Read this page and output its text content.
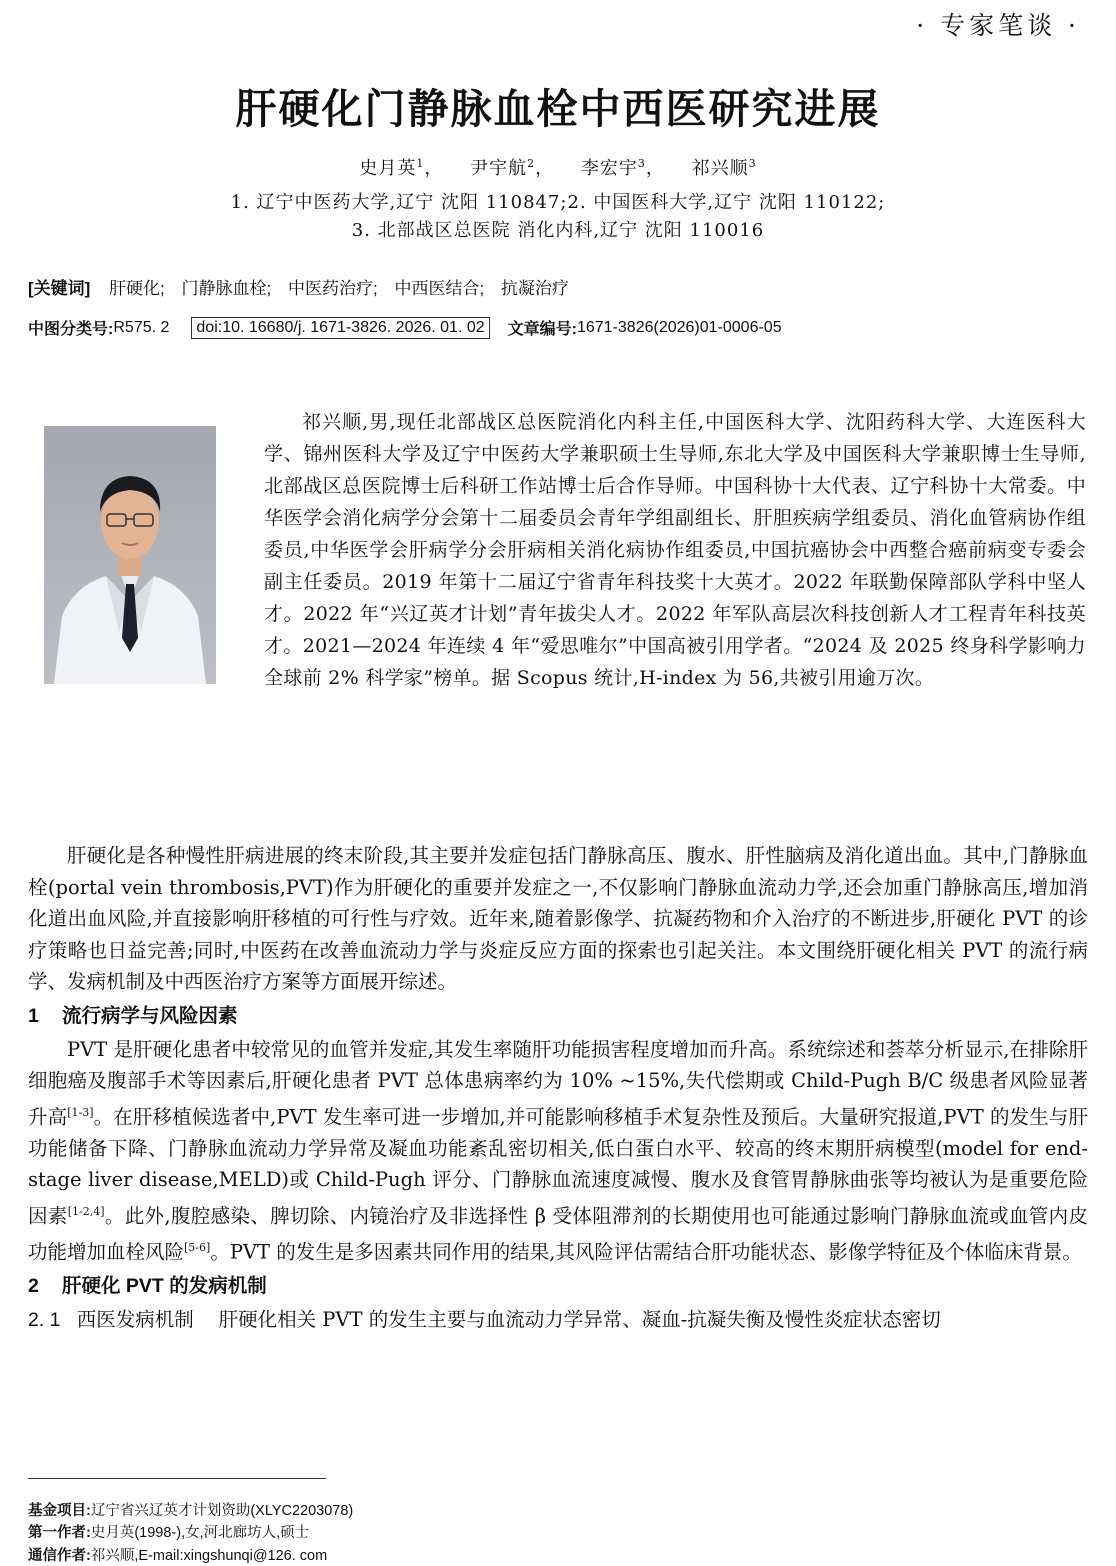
· 专家笔谈 ·
肝硬化门静脉血栓中西医研究进展
史月英$^1$， 尹宇航$^2$， 李宏宇$^3$， 祁兴顺$^3$
1. 辽宁中医药大学,辽宁 沈阳 110847;2. 中国医科大学,辽宁 沈阳 110122;
3. 北部战区总医院 消化内科,辽宁 沈阳 110016
[关键词] 肝硬化; 门静脉血栓; 中医药治疗; 中西医结合; 抗凝治疗
中图分类号: R575. 2	doi:10. 16680/j. 1671-3826. 2026. 01. 02	文章编号: 1671-3826(2026)01-0006-05

祁兴顺,男,现任北部战区总医院消化内科主任,中国医科大学、沈阳药科大学、大连医科大学、锦州医科大学及辽宁中医药大学兼职硕士生导师,东北大学及中国医科大学兼职博士生导师,北部战区总医院博士后科研工作站博士后合作导师。中国科协十大代表、辽宁科协十大常委。中华医学会消化病学分会第十二届委员会青年学组副组长、肝胆疾病学组委员、消化血管病协作组委员,中华医学会肝病学分会肝病相关消化病协作组委员,中国抗癌协会中西整合癌前病变专委会副主任委员。2019 年第十二届辽宁省青年科技奖十大英才。2022 年联勤保障部队学科中坚人才。2022 年“兴辽英才计划”青年拔尖人才。2022 年军队高层次科技创新人才工程青年科技英才。2021—2024 年连续 4 年“爱思唯尔”中国高被引用学者。“2024 及 2025 终身科学影响力全球前 2% 科学家”榜单。据 Scopus 统计,H-index 为 56,共被引用逾万次。

肝硬化是各种慢性肝病进展的终末阶段,其主要并发症包括门静脉高压、腹水、肝性脑病及消化道出血。其中,门静脉血栓(portal vein thrombosis,PVT)作为肝硬化的重要并发症之一,不仅影响门静脉血流动力学,还会加重门静脉高压,增加消化道出血风险,并直接影响肝移植的可行性与疗效。近年来,随着影像学、抗凝药物和介入治疗的不断进步,肝硬化 PVT 的诊疗策略也日益完善;同时,中医药在改善血流动力学与炎症反应方面的探索也引起关注。本文围绕肝硬化相关 PVT 的流行病学、发病机制及中西医治疗方案等方面展开综述。

1 流行病学与风险因素

PVT 是肝硬化患者中较常见的血管并发症,其发生率随肝功能损害程度增加而升高。系统综述和荟萃分析显示,在排除肝细胞癌及腹部手术等因素后,肝硬化患者 PVT 总体患病率约为 10% ~15%,失代偿期或 Child-Pugh B/C 级患者风险显著升高[1-3]。在肝移植候选者中,PVT 发生率可进一步增加,并可能影响移植手术复杂性及预后。大量研究报道,PVT 的发生与肝功能储备下降、门静脉血流动力学异常及凝血功能紊乱密切相关,低白蛋白水平、较高的终末期肝病模型(model for end-stage liver disease,MELD)或 Child-Pugh 评分、门静脉血流速度减慢、腹水及食管胃静脉曲张等均被认为是重要危险因素[1-2,4]。此外,腹腔感染、脾切除、内镜治疗及非选择性 β 受体阻滞剂的长期使用也可能通过影响门静脉血流或血管内皮功能增加血栓风险[5-6]。PVT 的发生是多因素共同作用的结果,其风险评估需结合肝功能状态、影像学特征及个体临床背景。

2 肝硬化 PVT 的发病机制

2. 1 西医发病机制 肝硬化相关 PVT 的发生主要与血流动力学异常、凝血-抗凝失衡及慢性炎症状态密切

基金项目:辽宁省兴辽英才计划资助(XLYC2203078)
第一作者:史月英(1998-),女,河北廊坊人,硕士
通信作者:祁兴顺,E-mail:xingshunqi@126. com
